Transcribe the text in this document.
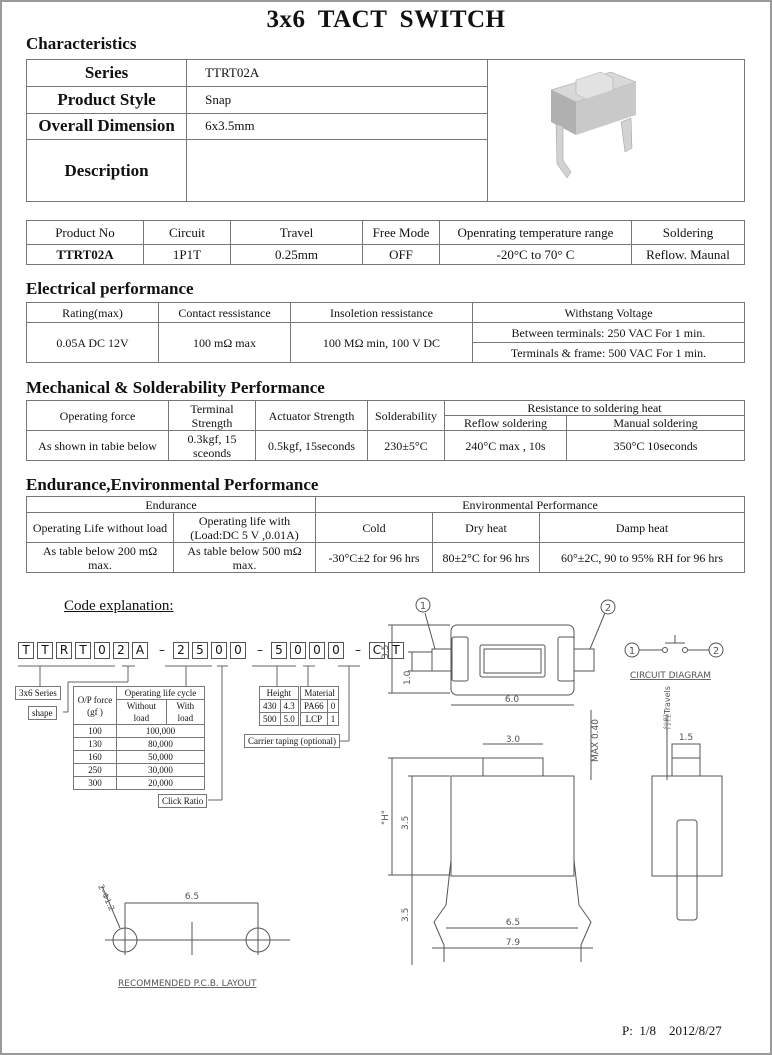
3x6 TACT SWITCH
Characteristics
Series	TTRT02A	
Product Style	Snap	
Overall Dimension	6x3.5mm	
Description		
Product No	Circuit	Travel	Free Mode	Openrating temperature range	Soldering
TTRT02A	1P1T	0.25mm	OFF	-20°C to 70° C	Reflow. Maunal
Electrical performance
Rating(max)	Contact ressistance	Insoletion ressistance	Withstang Voltage
0.05A DC 12V	100 mΩ max	100 MΩ min, 100 V DC	Between terminals: 250 VAC For 1 min.
			Terminals & frame: 500 VAC For 1 min.
Mechanical & Solderability Performance
Operating force	Terminal Strength	Actuator Strength	Solderability	Resistance to soldering heat	
				Reflow soldering	Manual soldering
As shown in tabie below	0.3kgf, 15 sceonds	0.5kgf, 15seconds	230±5°C	240°C max , 10s	350°C 10seconds
Endurance,Environmental Performance
Endurance		Environmental Performance		
Operating Life without load	Operating life with (Load:DC 5 V ,0.01A)	Cold	Dry heat	Damp heat
As table below 200 mΩ max.	As table below 500 mΩ max.	-30°C±2 for 96 hrs	80±2°C for 96 hrs	60°±2C, 90 to 95% RH for 96 hrs
Code explanation:
T T R T 0 2 A – 2 5 0 0 – 5 0 0 0 – C T
3x6 Series
shape
Click Ratio
Carrier taping (optional)
O/P force (gf )	Operating life cycle	
	Without load	With load
100	100,000	
130	80,000	
160	50,000	
250	30,000	
300	20,000	
Height	
430	4.3
500	5.0
Material	
PA66	0
LCP	1
1	2
3.5
1.0
6.0
1	2
CIRCUIT DIAGRAM
3.0	MAX 0.40
"H" 3.5
3.5
6.5
7.9
行程Travels
1.5
6.5
2–Φ1.2
RECOMMENDED P.C.B. LAYOUT
P:  1/8 2012/8/27
